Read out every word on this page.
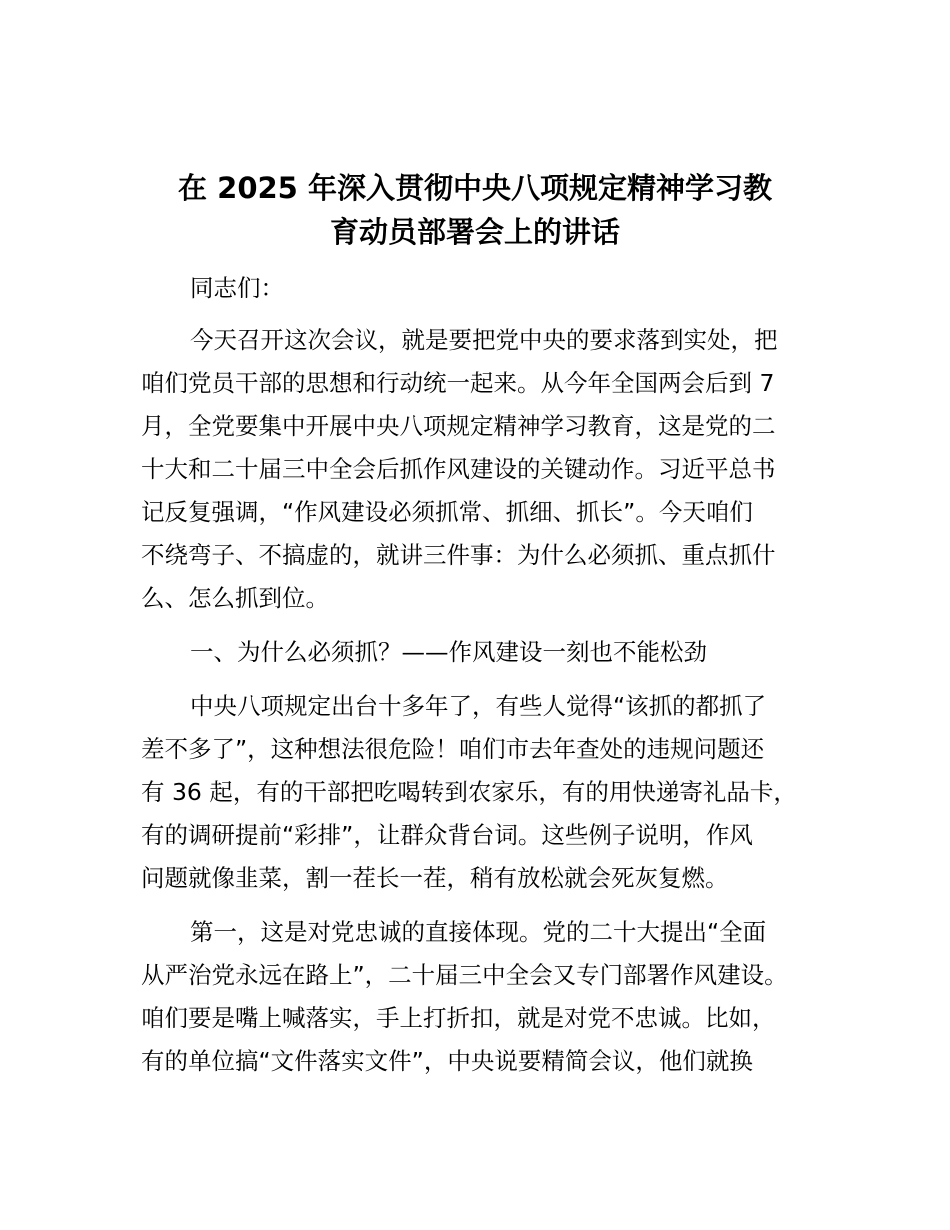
在 2025 年深入贯彻中央八项规定精神学习教
育动员部署会上的讲话

同志们：

今天召开这次会议，就是要把党中央的要求落到实处，把

咱们党员干部的思想和行动统一起来。从今年全国两会后到 7

月，全党要集中开展中央八项规定精神学习教育，这是党的二

十大和二十届三中全会后抓作风建设的关键动作。习近平总书

记反复强调，“作风建设必须抓常、抓细、抓长”。今天咱们

不绕弯子、不搞虚的，就讲三件事：为什么必须抓、重点抓什

么、怎么抓到位。

一、为什么必须抓？——作风建设一刻也不能松劲

中央八项规定出台十多年了，有些人觉得“该抓的都抓了

差不多了”，这种想法很危险！咱们市去年查处的违规问题还

有 36 起，有的干部把吃喝转到农家乐，有的用快递寄礼品卡，

有的调研提前“彩排”，让群众背台词。这些例子说明，作风

问题就像韭菜，割一茬长一茬，稍有放松就会死灰复燃。

第一，这是对党忠诚的直接体现。党的二十大提出“全面

从严治党永远在路上”，二十届三中全会又专门部署作风建设。

咱们要是嘴上喊落实，手上打折扣，就是对党不忠诚。比如，

有的单位搞“文件落实文件”，中央说要精简会议，他们就换
